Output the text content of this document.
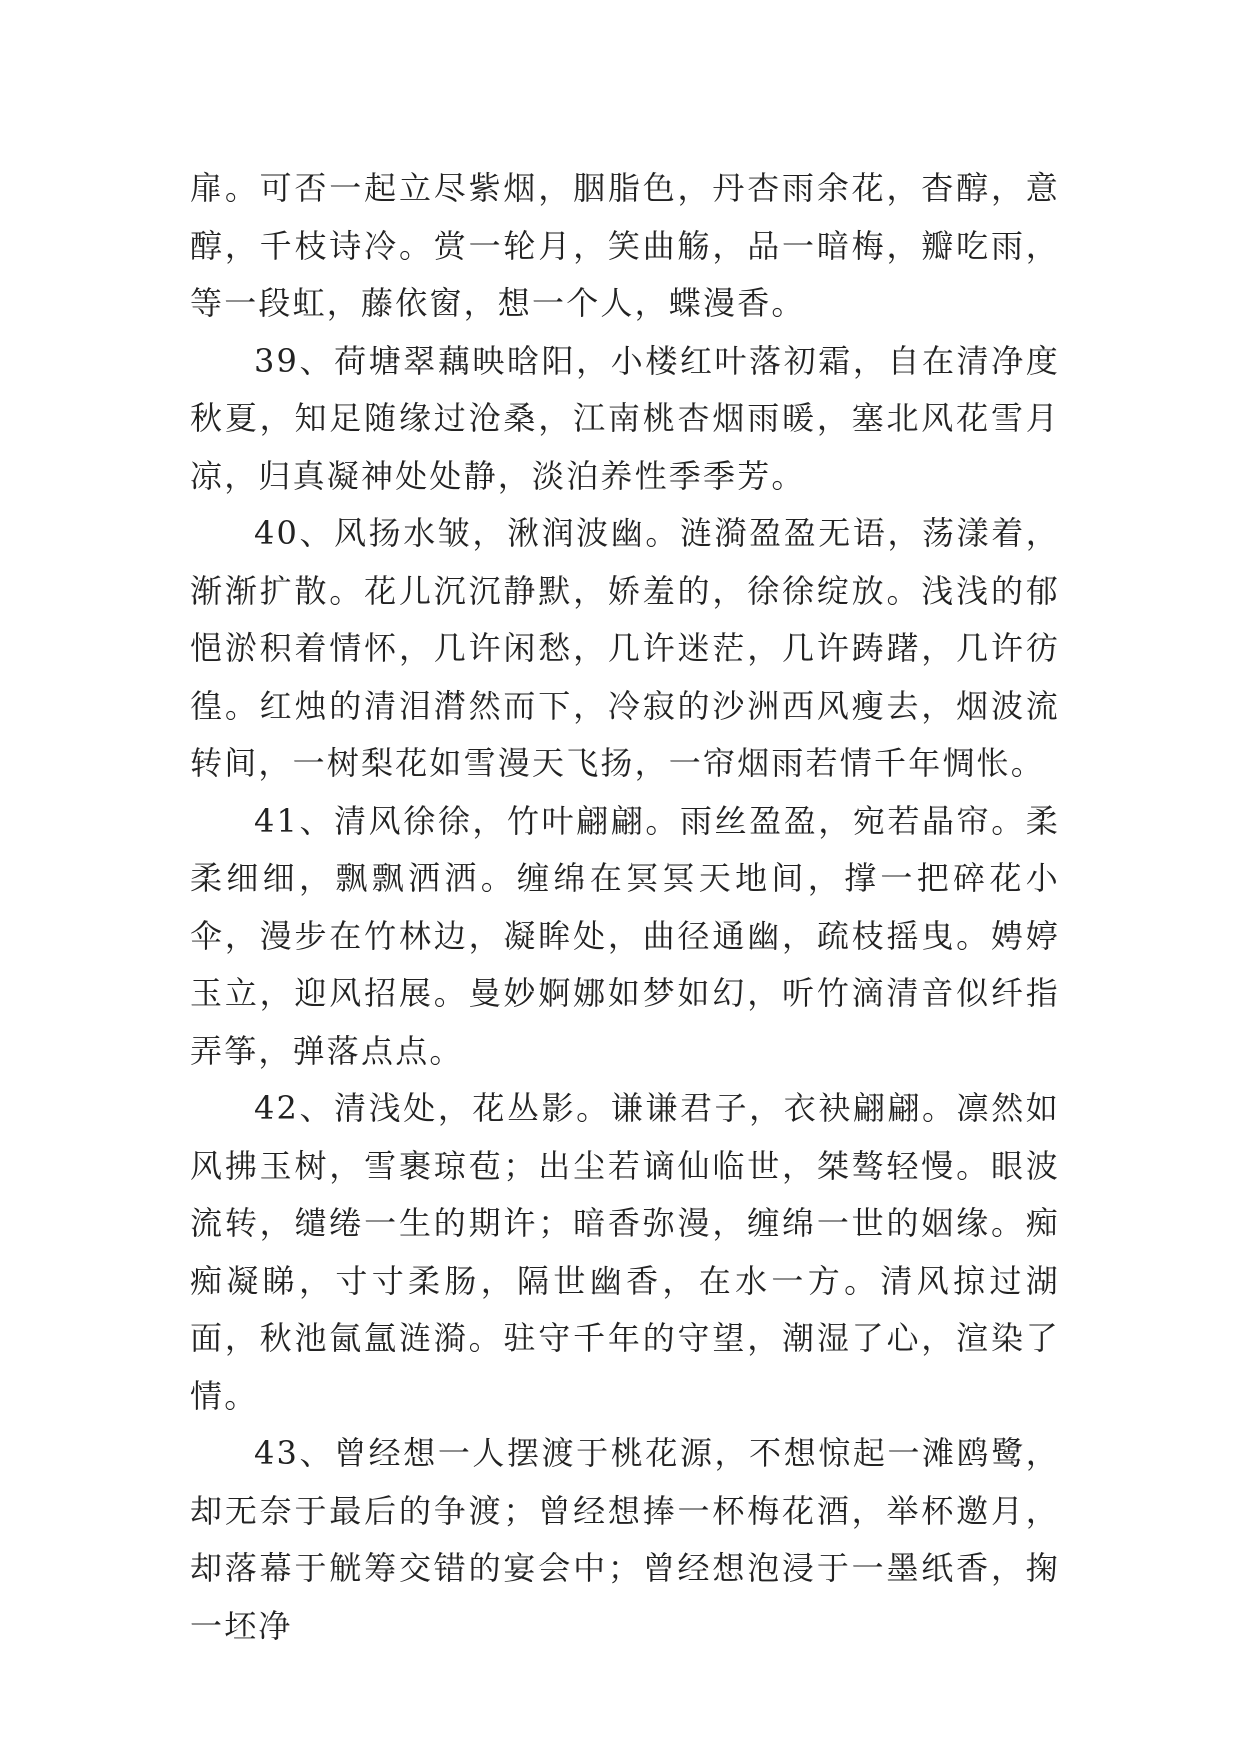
扉。可否一起立尽紫烟，胭脂色，丹杏雨余花，杳醇，意醇，千枝诗冷。赏一轮月，笑曲觞，品一暗梅，瓣吃雨，等一段虹，藤依窗，想一个人，蝶漫香。

39、荷塘翠藕映晗阳，小楼红叶落初霜，自在清净度秋夏，知足随缘过沧桑，江南桃杏烟雨暖，塞北风花雪月凉，归真凝神处处静，淡泊养性季季芳。

40、风扬水皱，湫润波幽。涟漪盈盈无语，荡漾着，渐渐扩散。花儿沉沉静默，娇羞的，徐徐绽放。浅浅的郁悒淤积着情怀，几许闲愁，几许迷茫，几许踌躇，几许彷徨。红烛的清泪潸然而下，冷寂的沙洲西风瘦去，烟波流转间，一树梨花如雪漫天飞扬，一帘烟雨若情千年惆怅。

41、清风徐徐，竹叶翩翩。雨丝盈盈，宛若晶帘。柔柔细细，飘飘洒洒。缠绵在冥冥天地间，撑一把碎花小伞，漫步在竹林边，凝眸处，曲径通幽，疏枝摇曳。娉婷玉立，迎风招展。曼妙婀娜如梦如幻，听竹滴清音似纤指弄筝，弹落点点。

42、清浅处，花丛影。谦谦君子，衣袂翩翩。凛然如风拂玉树，雪裹琼苞；出尘若谪仙临世，桀骜轻慢。眼波流转，缱绻一生的期许；暗香弥漫，缠绵一世的姻缘。痴痴凝睇，寸寸柔肠，隔世幽香，在水一方。清风掠过湖面，秋池氤氲涟漪。驻守千年的守望，潮湿了心，渲染了情。

43、曾经想一人摆渡于桃花源，不想惊起一滩鸥鹭，却无奈于最后的争渡；曾经想捧一杯梅花酒，举杯邀月，却落幕于觥筹交错的宴会中；曾经想泡浸于一墨纸香，掬一坯净
